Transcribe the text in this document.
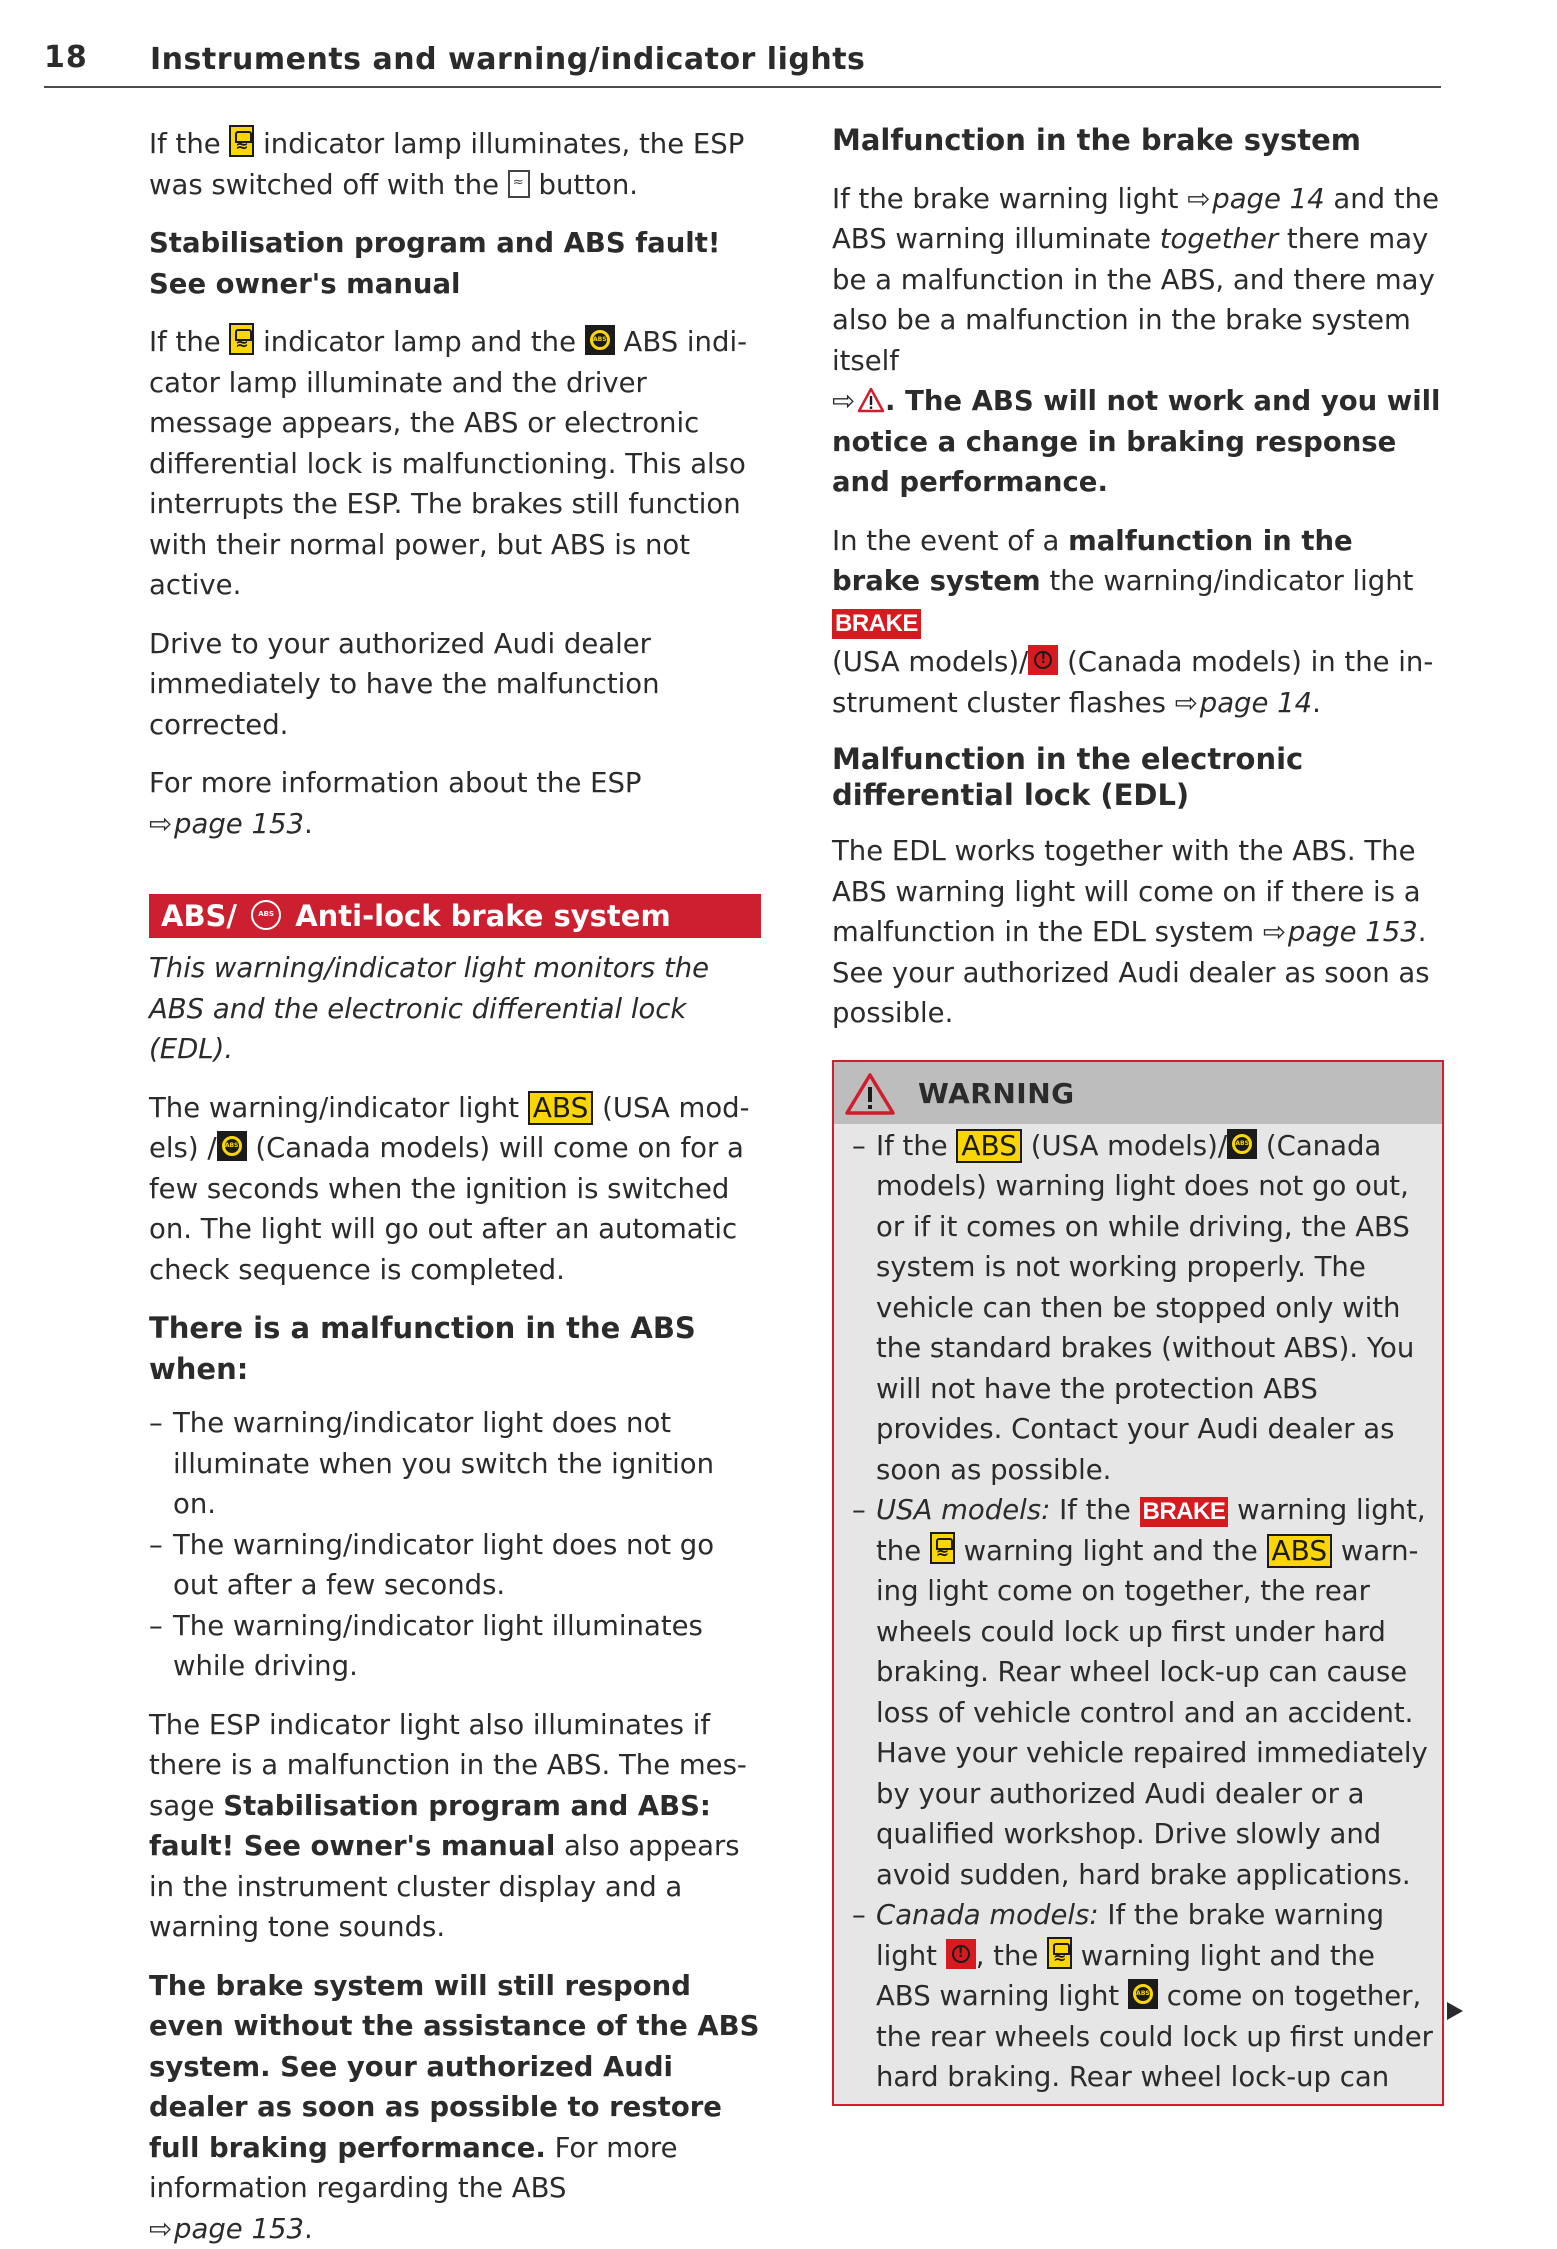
18 Instruments and warning/indicator lights

If the ≈ indicator lamp illuminates, the ESP was switched off with the ≈ button.

Stabilisation program and ABS fault! See owner's manual

If the ≈ indicator lamp and the ABS ABS indicator lamp illuminate and the driver message appears, the ABS or electronic differential lock is malfunctioning. This also interrupts the ESP. The brakes still function with their normal power, but ABS is not active.

Drive to your authorized Audi dealer immediately to have the malfunction corrected.

For more information about the ESP
⇨page 153.

ABS/ ABS Anti-lock brake system

This warning/indicator light monitors the ABS and the electronic differential lock (EDL).

The warning/indicator light ABS (USA models) /ABS (Canada models) will come on for a few seconds when the ignition is switched on. The light will go out after an automatic check sequence is completed.

There is a malfunction in the ABS when:

– The warning/indicator light does not illuminate when you switch the ignition on.
– The warning/indicator light does not go out after a few seconds.
– The warning/indicator light illuminates while driving.

The ESP indicator light also illuminates if there is a malfunction in the ABS. The message Stabilisation program and ABS: fault! See owner's manual also appears in the instrument cluster display and a warning tone sounds.

The brake system will still respond even without the assistance of the ABS system. See your authorized Audi dealer as soon as possible to restore full braking performance. For more information regarding the ABS
⇨page 153.

Malfunction in the brake system

If the brake warning light ⇨page 14 and the ABS warning illuminate together there may be a malfunction in the ABS, and there may also be a malfunction in the brake system itself
⇨ . The ABS will not work and you will notice a change in braking response and performance.

In the event of a malfunction in the brake system the warning/indicator light BRAKE
(USA models)/! (Canada models) in the instrument cluster flashes ⇨page 14.

Malfunction in the electronic differential lock (EDL)

The EDL works together with the ABS. The ABS warning light will come on if there is a malfunction in the EDL system ⇨page 153. See your authorized Audi dealer as soon as possible.

WARNING
– If the ABS (USA models)/ABS (Canada models) warning light does not go out, or if it comes on while driving, the ABS system is not working properly. The vehicle can then be stopped only with the standard brakes (without ABS). You will not have the protection ABS provides. Contact your Audi dealer as soon as possible.
– USA models: If the BRAKE warning light, the ≈ warning light and the ABS warning light come on together, the rear wheels could lock up first under hard braking. Rear wheel lock-up can cause loss of vehicle control and an accident. Have your vehicle repaired immediately by your authorized Audi dealer or a qualified workshop. Drive slowly and avoid sudden, hard brake applications.
– Canada models: If the brake warning light !, the ≈ warning light and the ABS warning light ABS come on together, the rear wheels could lock up first under hard braking. Rear wheel lock-up can
